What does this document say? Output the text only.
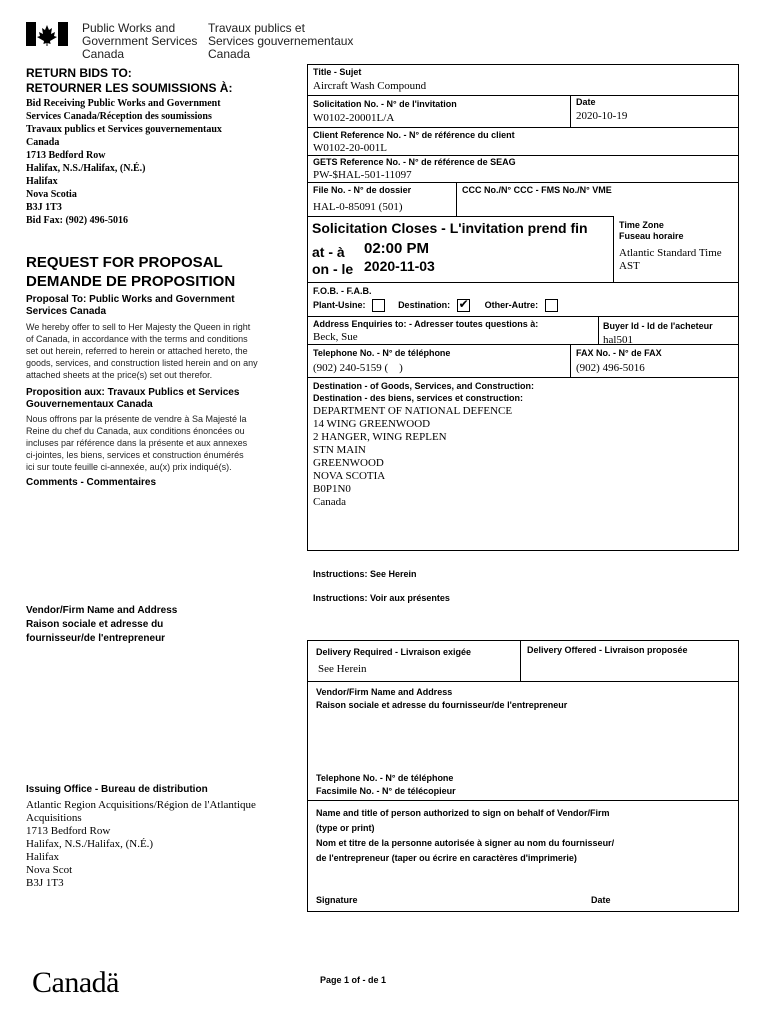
Public Works and
Government Services
Canada
Travaux publics et
Services gouvernementaux
Canada
RETURN BIDS TO:
RETOURNER LES SOUMISSIONS À:
Bid Receiving Public Works and Government
Services Canada/Réception des soumissions
Travaux publics et Services gouvernementaux
Canada
1713 Bedford Row
Halifax, N.S./Halifax, (N.É.)
Halifax
Nova Scotia
B3J 1T3
Bid Fax: (902) 496-5016
REQUEST FOR PROPOSAL
DEMANDE DE PROPOSITION
Proposal To: Public Works and Government
Services Canada
We hereby offer to sell to Her Majesty the Queen in right
of Canada, in accordance with the terms and conditions
set out herein, referred to herein or attached hereto, the
goods, services, and construction listed herein and on any
attached sheets at the price(s) set out therefor.
Proposition aux: Travaux Publics et Services
Gouvernementaux Canada
Nous offrons par la présente de vendre à Sa Majesté la
Reine du chef du Canada, aux conditions énoncées ou
incluses par référence dans la présente et aux annexes
ci-jointes, les biens, services et construction énumérés
ici sur toute feuille ci-annexée, au(x) prix indiqué(s).
Comments - Commentaires
Vendor/Firm Name and Address
Raison sociale et adresse du
fournisseur/de l'entrepreneur
Issuing Office - Bureau de distribution
Atlantic Region Acquisitions/Région de l'Atlantique
Acquisitions
1713 Bedford Row
Halifax, N.S./Halifax, (N.É.)
Halifax
Nova Scot
B3J 1T3
Title - Sujet
Aircraft Wash Compound
Solicitation No. - N° de l'invitation
W0102-20001L/A
Date
2020-10-19
Client Reference No. - N° de référence du client
W0102-20-001L
GETS Reference No. - N° de référence de SEAG
PW-$HAL-501-11097
File No. - N° de dossier
HAL-0-85091 (501)
CCC No./N° CCC - FMS No./N° VME
Solicitation Closes - L'invitation prend fin
at - à 02:00 PM
on - le 2020-11-03
Time Zone
Fuseau horaire
Atlantic Standard Time
AST
F.O.B. - F.A.B.
Plant-Usine:	Destination: ✔ Other-Autre:
Address Enquiries to: - Adresser toutes questions à:
Beck, Sue
Buyer Id - Id de l'acheteur
hal501
Telephone No. - N° de téléphone
(902) 240-5159 (    )
FAX No. - N° de FAX
(902) 496-5016
Destination - of Goods, Services, and Construction:
Destination - des biens, services et construction:
DEPARTMENT OF NATIONAL DEFENCE
14 WING GREENWOOD
2 HANGER, WING REPLEN
STN MAIN
GREENWOOD
NOVA SCOTIA
B0P1N0
Canada
Instructions: See Herein
Instructions: Voir aux présentes
Delivery Required - Livraison exigée
See Herein
Delivery Offered - Livraison proposée
Vendor/Firm Name and Address
Raison sociale et adresse du fournisseur/de l'entrepreneur
Telephone No. - N° de téléphone
Facsimile No. - N° de télécopieur
Name and title of person authorized to sign on behalf of Vendor/Firm
(type or print)
Nom et titre de la personne autorisée à signer au nom du fournisseur/
de l'entrepreneur (taper ou écrire en caractères d'imprimerie)
Signature	Date
Canadä	Page 1 of - de 1
